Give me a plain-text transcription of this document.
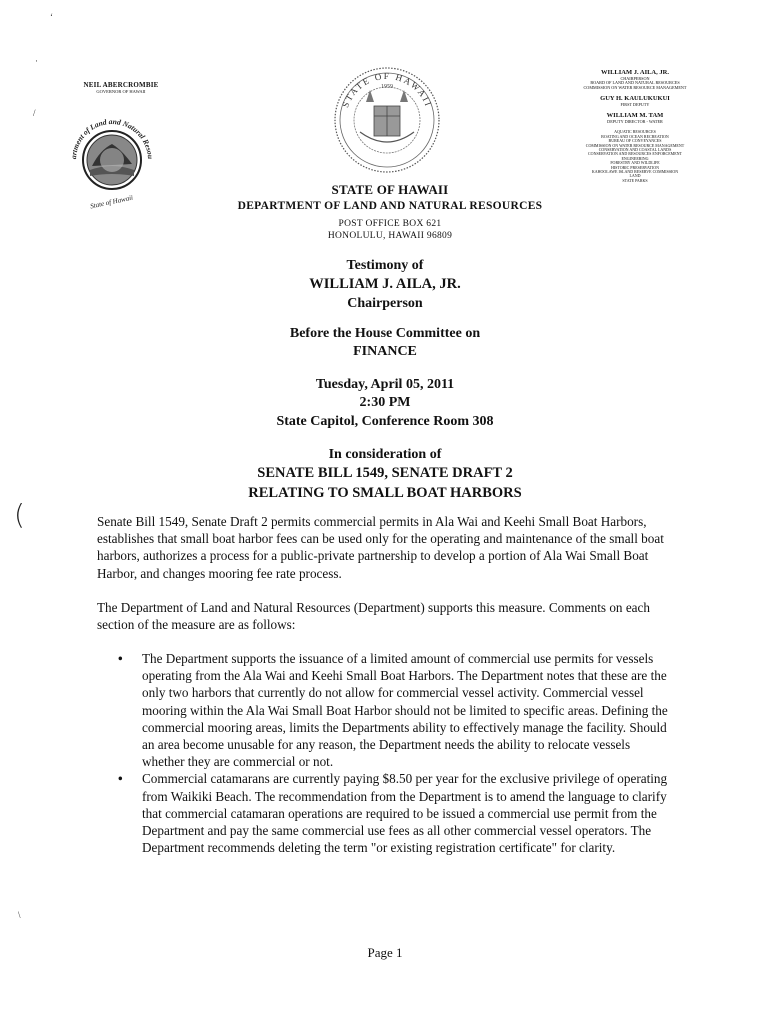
‘
·
/
\
(
NEIL ABERCROMBIE
GOVERNOR OF HAWAII
artment of Land and Natural Resou
State of Hawaii
STATE OF HAWAII
1959
STATE OF HAWAII
DEPARTMENT OF LAND AND NATURAL RESOURCES
POST OFFICE BOX 621
HONOLULU, HAWAII 96809
WILLIAM J. AILA, JR.
CHAIRPERSON
BOARD OF LAND AND NATURAL RESOURCES
COMMISSION ON WATER RESOURCE MANAGEMENT
GUY H. KAULUKUKUI
FIRST DEPUTY
WILLIAM M. TAM
DEPUTY DIRECTOR - WATER
AQUATIC RESOURCES
BOATING AND OCEAN RECREATION
BUREAU OF CONVEYANCES
COMMISSION ON WATER RESOURCE MANAGEMENT
CONSERVATION AND COASTAL LANDS
CONSERVATION AND RESOURCES ENFORCEMENT
ENGINEERING
FORESTRY AND WILDLIFE
HISTORIC PRESERVATION
KAHOOLAWE ISLAND RESERVE COMMISSION
LAND
STATE PARKS
Testimony of
WILLIAM J. AILA, JR.
Chairperson
Before the House Committee on
FINANCE
Tuesday, April 05, 2011
2:30 PM
State Capitol, Conference Room 308
In consideration of
SENATE BILL 1549, SENATE DRAFT 2
RELATING TO SMALL BOAT HARBORS

Senate Bill 1549, Senate Draft 2 permits commercial permits in Ala Wai and Keehi Small Boat Harbors, establishes that small boat harbor fees can be used only for the operating and maintenance of the small boat harbors, authorizes a process for a public-private partnership to develop a portion of Ala Wai Small Boat Harbor, and changes mooring fee rate process.

The Department of Land and Natural Resources (Department) supports this measure. Comments on each section of the measure are as follows:

• The Department supports the issuance of a limited amount of commercial use permits for vessels operating from the Ala Wai and Keehi Small Boat Harbors. The Department notes that these are the only two harbors that currently do not allow for commercial vessel activity. Commercial vessel mooring within the Ala Wai Small Boat Harbor should not be limited to specific areas. Defining the commercial mooring areas, limits the Departments ability to effectively manage the facility. Should an area become unusable for any reason, the Department needs the ability to relocate vessels whether they are commercial or not.
• Commercial catamarans are currently paying $8.50 per year for the exclusive privilege of operating from Waikiki Beach. The recommendation from the Department is to amend the language to clarify that commercial catamaran operations are required to be issued a commercial use permit from the Department and pay the same commercial use fees as all other commercial vessel operators. The Department recommends deleting the term "or existing registration certificate" for clarity.
Page 1
